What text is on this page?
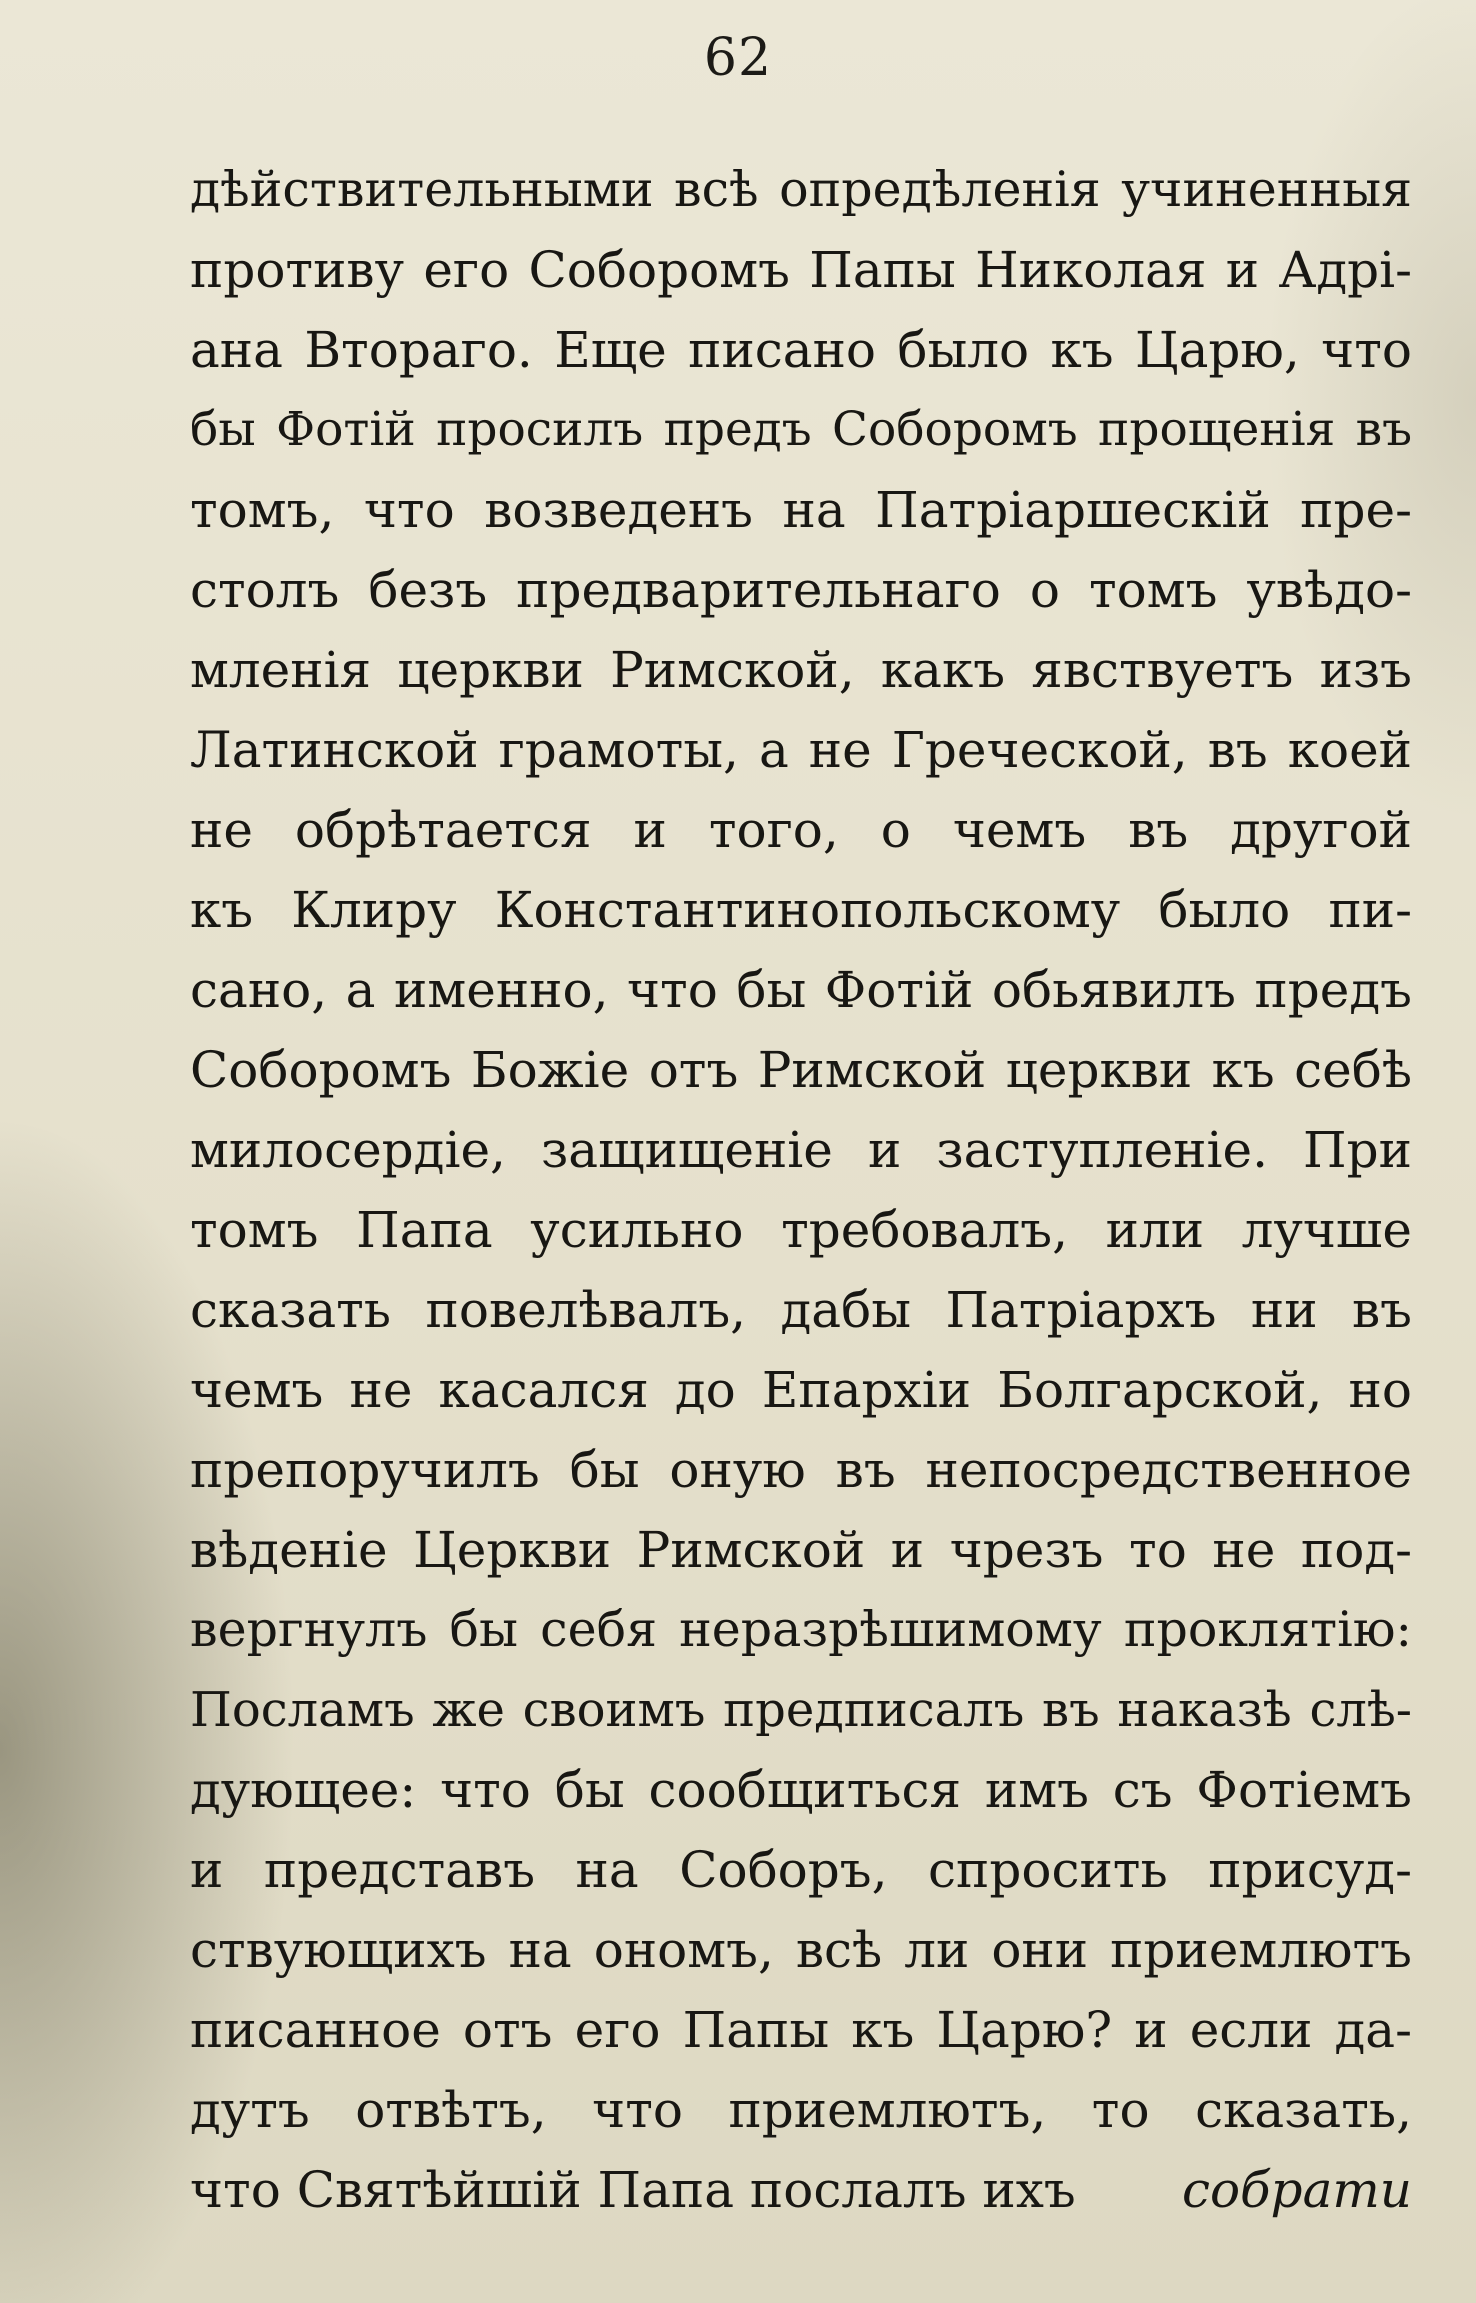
62
дѣйствительными всѣ опредѣленія учиненныя
противу его Соборомъ Папы Николая и Адрі-
ана Втораго. Еще писано было къ Царю, что
бы Фотій просилъ предъ Соборомъ прощенія въ
томъ, что возведенъ на Патріаршескій пре-
столъ безъ предварительнаго о томъ увѣдо-
мленія церкви Римской, какъ явствуетъ изъ
Латинской грамоты, а не Греческой, въ коей
не обрѣтается и того, о чемъ въ другой
къ Клиру Константинопольскому было пи-
сано, а именно, что бы Фотій обьявилъ предъ
Соборомъ Божіе отъ Римской церкви къ себѣ
милосердіе, защищеніе и заступленіе. При
томъ Папа усильно требовалъ, или лучше
сказать повелѣвалъ, дабы Патріархъ ни въ
чемъ не касался до Епархіи Болгарской, но
препоручилъ бы оную въ непосредственное
вѣденіе Церкви Римской и чрезъ то не под-
вергнулъ бы себя неразрѣшимому проклятію:
Посламъ же своимъ предписалъ въ наказѣ слѣ-
дующее: что бы сообщиться имъ съ Фотіемъ
и представъ на Соборъ, спросить присуд-
ствующихъ на ономъ, всѣ ли они приемлютъ
писанное отъ его Папы къ Царю? и если да-
дутъ отвѣтъ, что приемлютъ, то сказать,
что Святѣйшій Папа послалъ ихъ собрати
